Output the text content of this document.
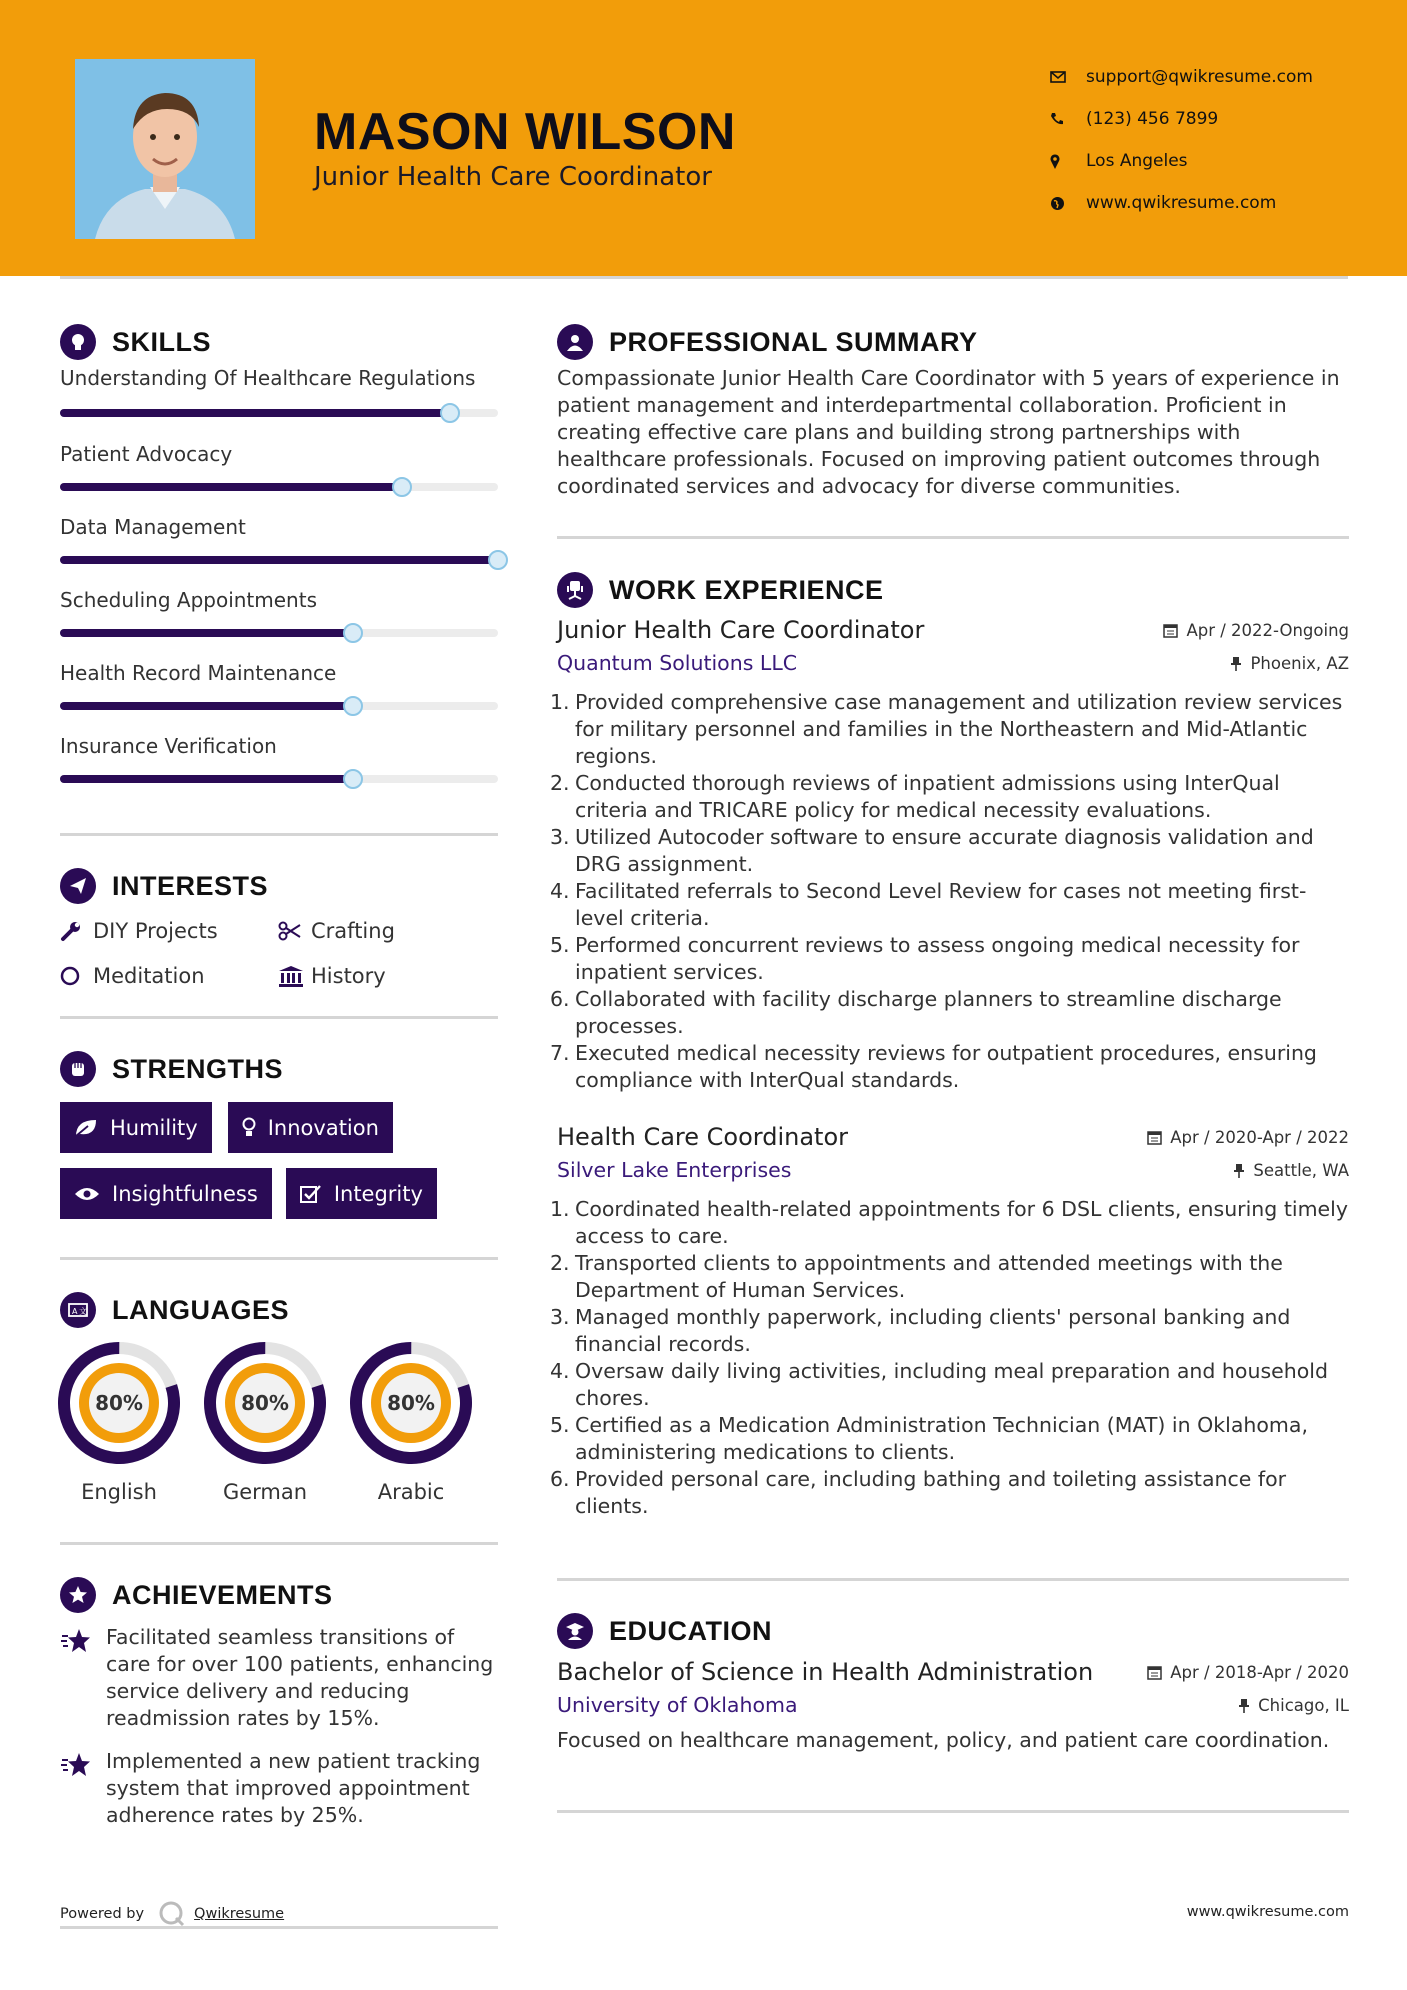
MASON WILSON
Junior Health Care Coordinator
support@qwikresume.com
(123) 456 7899
Los Angeles
www.qwikresume.com
SKILLS
Understanding Of Healthcare Regulations
Patient Advocacy
Data Management
Scheduling Appointments
Health Record Maintenance
Insurance Verification
INTERESTS
DIY Projects	Crafting
Meditation	History
STRENGTHS
Humility	Innovation
Insightfulness	Integrity
A 文 LANGUAGES
80%
English
80%
German
80%
Arabic
ACHIEVEMENTS
Facilitated seamless transitions of care for over 100 patients, enhancing service delivery and reducing readmission rates by 15%.
Implemented a new patient tracking system that improved appointment adherence rates by 25%.
PROFESSIONAL SUMMARY

Compassionate Junior Health Care Coordinator with 5 years of experience in patient management and interdepartmental collaboration. Proficient in creating effective care plans and building strong partnerships with healthcare professionals. Focused on improving patient outcomes through coordinated services and advocacy for diverse communities.

WORK EXPERIENCE
Junior Health Care Coordinator	Apr / 2022-Ongoing
Quantum Solutions LLC	Phoenix, AZ
1. Provided comprehensive case management and utilization review services for military personnel and families in the Northeastern and Mid-Atlantic regions.
2. Conducted thorough reviews of inpatient admissions using InterQual criteria and TRICARE policy for medical necessity evaluations.
3. Utilized Autocoder software to ensure accurate diagnosis validation and DRG assignment.
4. Facilitated referrals to Second Level Review for cases not meeting first-level criteria.
5. Performed concurrent reviews to assess ongoing medical necessity for inpatient services.
6. Collaborated with facility discharge planners to streamline discharge processes.
7. Executed medical necessity reviews for outpatient procedures, ensuring compliance with InterQual standards.
Health Care Coordinator	Apr / 2020-Apr / 2022
Silver Lake Enterprises	Seattle, WA
1. Coordinated health-related appointments for 6 DSL clients, ensuring timely access to care.
2. Transported clients to appointments and attended meetings with the Department of Human Services.
3. Managed monthly paperwork, including clients' personal banking and financial records.
4. Oversaw daily living activities, including meal preparation and household chores.
5. Certified as a Medication Administration Technician (MAT) in Oklahoma, administering medications to clients.
6. Provided personal care, including bathing and toileting assistance for clients.
EDUCATION
Bachelor of Science in Health Administration	Apr / 2018-Apr / 2020
University of Oklahoma	Chicago, IL

Focused on healthcare management, policy, and patient care coordination.

Powered by	Qwikresume	www.qwikresume.com
